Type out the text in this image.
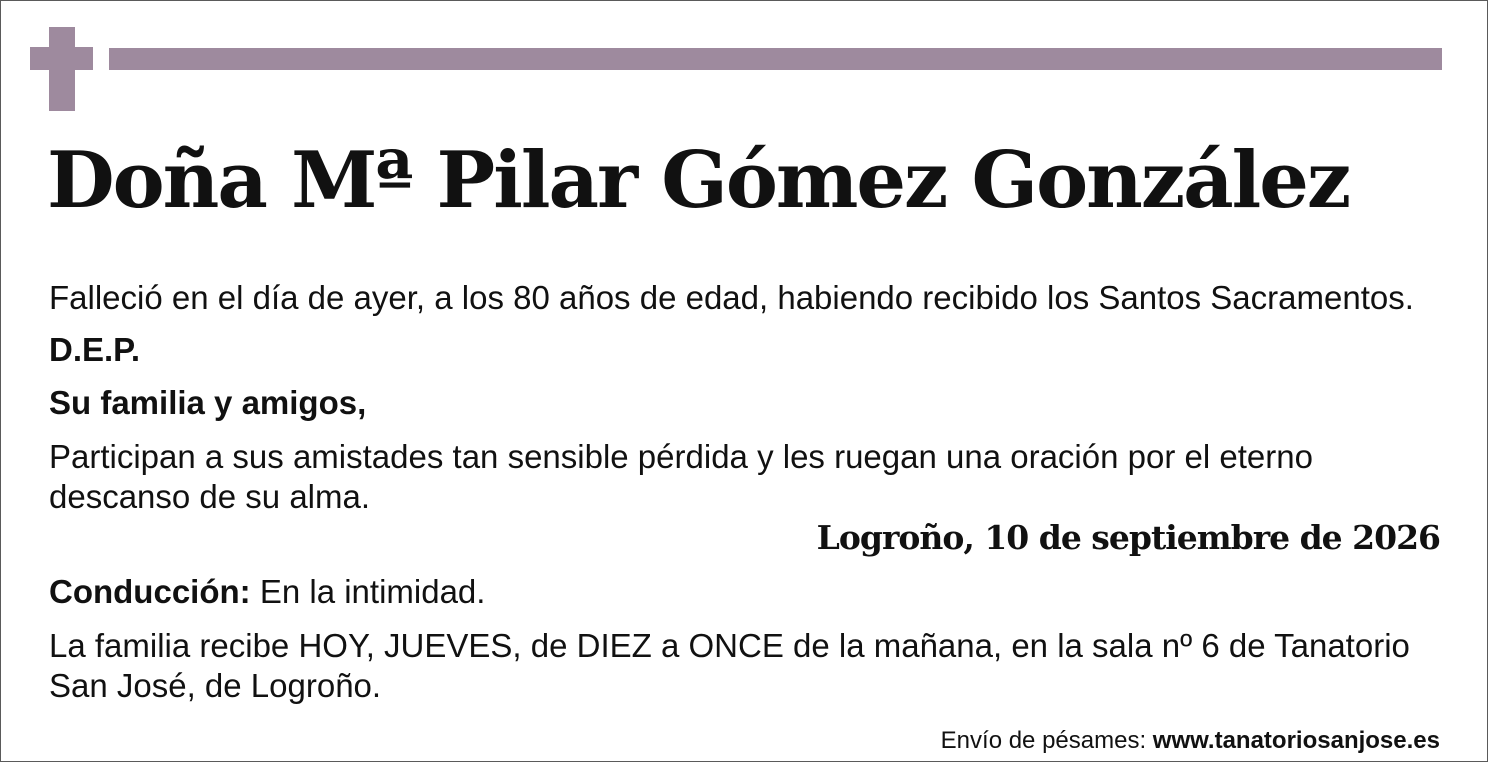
Doña Mª Pilar Gómez González

Falleció en el día de ayer, a los 80 años de edad, habiendo recibido los Santos Sacramentos.

D.E.P.

Su familia y amigos,

Participan a sus amistades tan sensible pérdida y les ruegan una oración por el eterno descanso de su alma.

Logroño, 10 de septiembre de 2026

Conducción: En la intimidad.

La familia recibe HOY, JUEVES, de DIEZ a ONCE de la mañana, en la sala nº 6 de Tanatorio San José, de Logroño.

Envío de pésames: www.tanatoriosanjose.es
